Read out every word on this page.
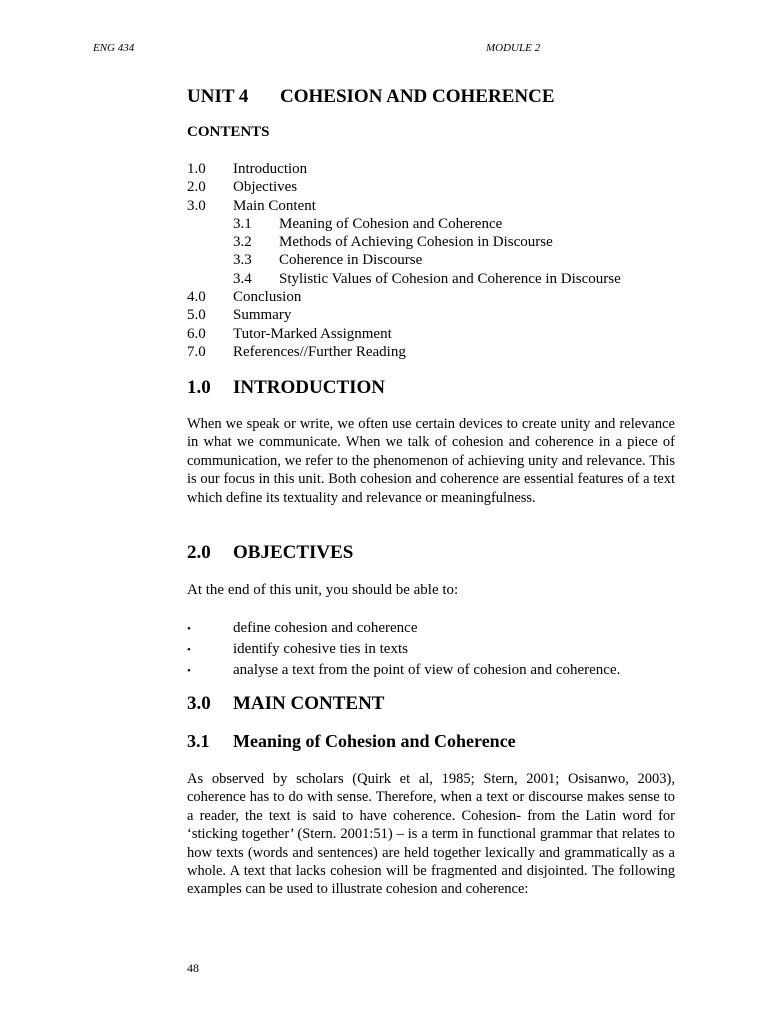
ENG 434	MODULE 2
UNIT 4 COHESION AND COHERENCE
CONTENTS
1.0 Introduction
2.0 Objectives
3.0 Main Content
3.1 Meaning of Cohesion and Coherence
3.2 Methods of Achieving Cohesion in Discourse
3.3 Coherence in Discourse
3.4 Stylistic Values of Cohesion and Coherence in Discourse
4.0 Conclusion
5.0 Summary
6.0 Tutor-Marked Assignment
7.0 References//Further Reading
1.0 INTRODUCTION
When we speak or write, we often use certain devices to create unity and relevance in what we communicate. When we talk of cohesion and coherence in a piece of communication, we refer to the phenomenon of achieving unity and relevance. This is our focus in this unit. Both cohesion and coherence are essential features of a text which define its textuality and relevance or meaningfulness.
2.0 OBJECTIVES
At the end of this unit, you should be able to:
•	define cohesion and coherence
•	identify cohesive ties in texts
•	analyse a text from the point of view of cohesion and coherence.
3.0 MAIN CONTENT
3.1 Meaning of Cohesion and Coherence
As observed by scholars (Quirk et al, 1985; Stern, 2001; Osisanwo, 2003), coherence has to do with sense. Therefore, when a text or discourse makes sense to a reader, the text is said to have coherence. Cohesion- from the Latin word for ‘sticking together’ (Stern. 2001:51) – is a term in functional grammar that relates to how texts (words and sentences) are held together lexically and grammatically as a whole. A text that lacks cohesion will be fragmented and disjointed. The following examples can be used to illustrate cohesion and coherence:
48
